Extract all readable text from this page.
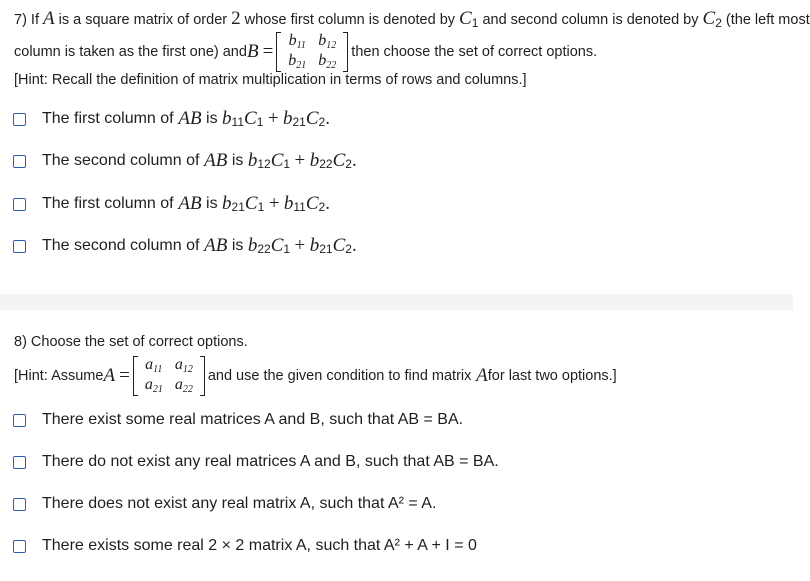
7) If A is a square matrix of order 2 whose first column is denoted by $C_1$ and second column is denoted by $C_2$ (the left most
column is taken as the first one) and B
=
b11	b12
b21	b22
then choose the set of correct options.
[Hint: Recall the definition of matrix multiplication in terms of rows and columns.]
The first column of AB is b 11 C 1
+
b 21 C 2 .
The second column of AB is b 12 C 1
+
b 22 C 2 .
The first column of AB is b 21 C 1
+
b 11 C 2 .
The second column of AB is b 22 C 1
+
b 21 C 2 .
8) Choose the set of correct options.
[Hint: Assume A
=
a11	a12
a21	a22
and use the given condition to find matrix A for last two options.]
There exist some real matrices A and B, such that AB = BA.
There do not exist any real matrices A and B, such that AB = BA.
There does not exist any real matrix A, such that A² = A.
There exists some real 2 × 2 matrix A, such that A² + A + I = 0
